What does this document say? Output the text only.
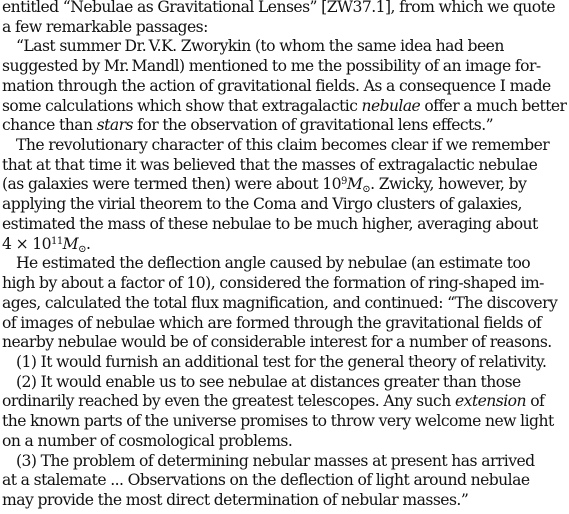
entitled “Nebulae as Gravitational Lenses” [ZW37.1], from which we quote
a few remarkable passages:
“Last summer Dr. V.K. Zworykin (to whom the same idea had been
suggested by Mr. Mandl) mentioned to me the possibility of an image for-
mation through the action of gravitational fields. As a consequence I made
some calculations which show that extragalactic nebulae offer a much better
chance than stars for the observation of gravitational lens effects.”
The revolutionary character of this claim becomes clear if we remember
that at that time it was believed that the masses of extragalactic nebulae
(as galaxies were termed then) were about $10^9M_⊙$. Zwicky, however, by
applying the virial theorem to the Coma and Virgo clusters of galaxies,
estimated the mass of these nebulae to be much higher, averaging about
$4 \times 10^{11}M_⊙$.
He estimated the deflection angle caused by nebulae (an estimate too
high by about a factor of 10), considered the formation of ring-shaped im-
ages, calculated the total flux magnification, and continued: “The discovery
of images of nebulae which are formed through the gravitational fields of
nearby nebulae would be of considerable interest for a number of reasons.
(1) It would furnish an additional test for the general theory of relativity.
(2) It would enable us to see nebulae at distances greater than those
ordinarily reached by even the greatest telescopes. Any such extension of
the known parts of the universe promises to throw very welcome new light
on a number of cosmological problems.
(3) The problem of determining nebular masses at present has arrived
at a stalemate ... Observations on the deflection of light around nebulae
may provide the most direct determination of nebular masses.”
